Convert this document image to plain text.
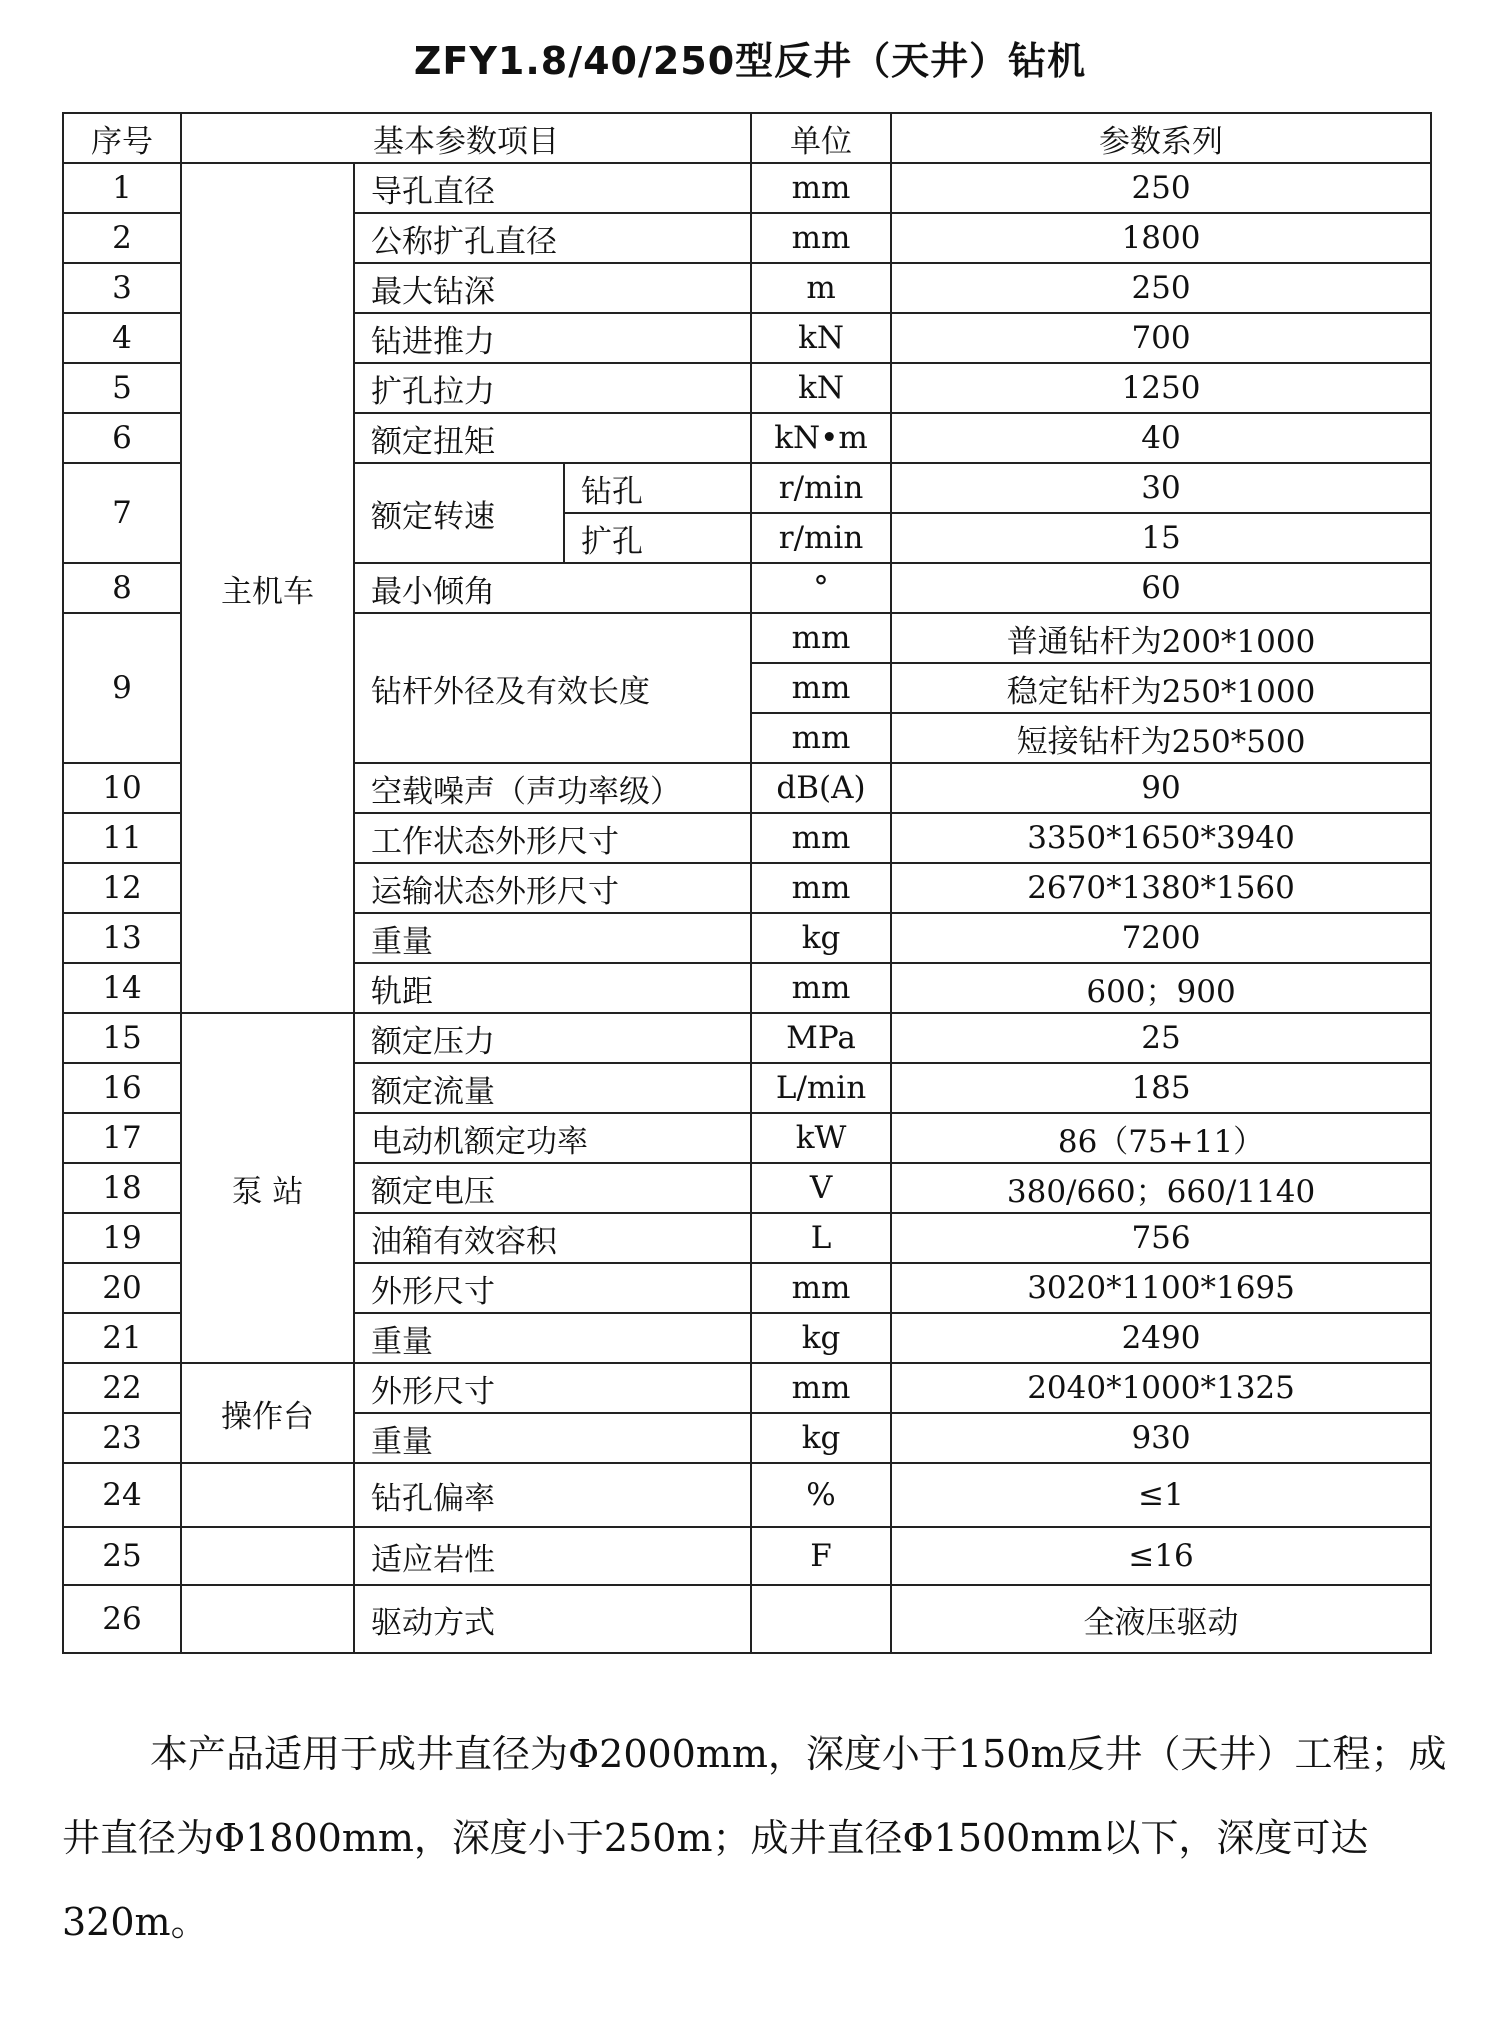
ZFY1.8/40/250型反井（天井）钻机
序号	基本参数项目			单位	参数系列
1	主机车	导孔直径		mm	250
2		公称扩孔直径		mm	1800
3		最大钻深		m	250
4		钻进推力		kN	700
5		扩孔拉力		kN	1250
6		额定扭矩		kN•m	40
7		额定转速	钻孔	r/min	30
			扩孔	r/min	15
8		最小倾角		°	60
9		钻杆外径及有效长度		mm	普通钻杆为200*1000
				mm	稳定钻杆为250*1000
				mm	短接钻杆为250*500
10		空载噪声（声功率级）		dB(A)	90
11		工作状态外形尺寸		mm	3350*1650*3940
12		运输状态外形尺寸		mm	2670*1380*1560
13		重量		kg	7200
14		轨距		mm	600；900
15	泵 站	额定压力		MPa	25
16		额定流量		L/min	185
17		电动机额定功率		kW	86（75+11）
18		额定电压		V	380/660；660/1140
19		油箱有效容积		L	756
20		外形尺寸		mm	3020*1100*1695
21		重量		kg	2490
22	操作台	外形尺寸		mm	2040*1000*1325
23		重量		kg	930
24		钻孔偏率		%	≤1
25		适应岩性		F	≤16
26		驱动方式			全液压驱动
本产品适用于成井直径为Φ2000mm，深度小于150m反井（天井）工程；成井直径为Φ1800mm，深度小于250m；成井直径Φ1500mm以下，深度可达320m。
